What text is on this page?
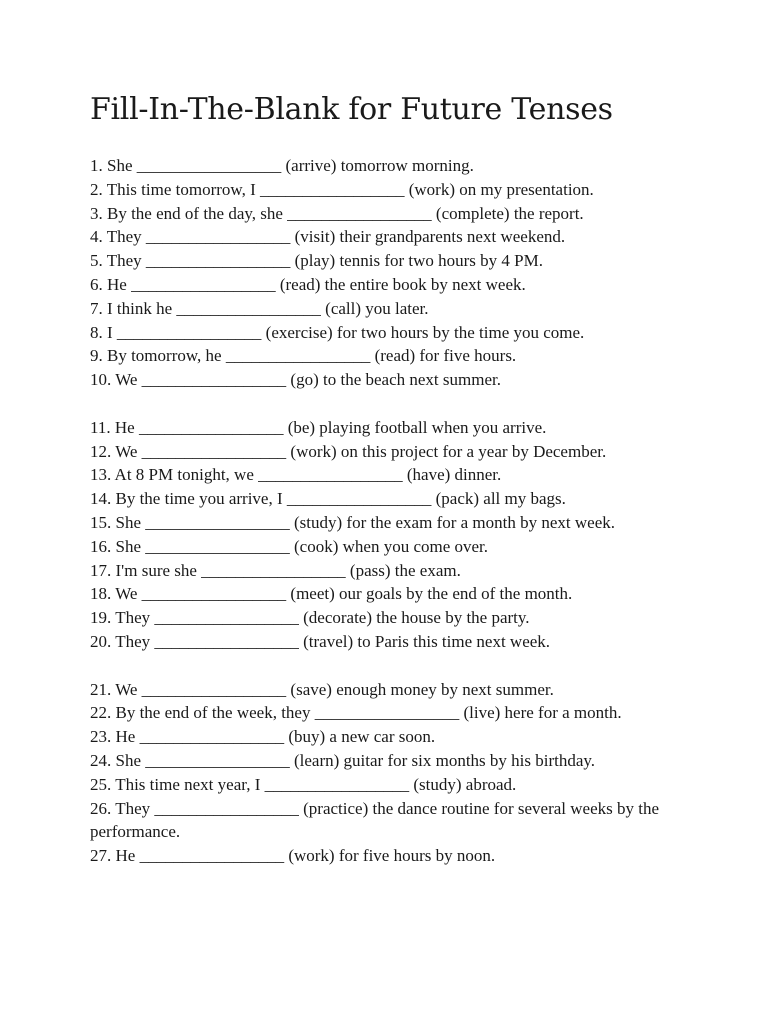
Fill-In-The-Blank for Future Tenses
1. She _________________ (arrive) tomorrow morning.
2. This time tomorrow, I _________________ (work) on my presentation.
3. By the end of the day, she _________________ (complete) the report.
4. They _________________ (visit) their grandparents next weekend.
5. They _________________ (play) tennis for two hours by 4 PM.
6. He _________________ (read) the entire book by next week.
7. I think he _________________ (call) you later.
8. I _________________ (exercise) for two hours by the time you come.
9. By tomorrow, he _________________ (read) for five hours.
10. We _________________ (go) to the beach next summer.
11. He _________________ (be) playing football when you arrive.
12. We _________________ (work) on this project for a year by December.
13. At 8 PM tonight, we _________________ (have) dinner.
14. By the time you arrive, I _________________ (pack) all my bags.
15. She _________________ (study) for the exam for a month by next week.
16. She _________________ (cook) when you come over.
17. I'm sure she _________________ (pass) the exam.
18. We _________________ (meet) our goals by the end of the month.
19. They _________________ (decorate) the house by the party.
20. They _________________ (travel) to Paris this time next week.
21. We _________________ (save) enough money by next summer.
22. By the end of the week, they _________________ (live) here for a month.
23. He _________________ (buy) a new car soon.
24. She _________________ (learn) guitar for six months by his birthday.
25. This time next year, I _________________ (study) abroad.
26. They _________________ (practice) the dance routine for several weeks by the performance.
27. He _________________ (work) for five hours by noon.
